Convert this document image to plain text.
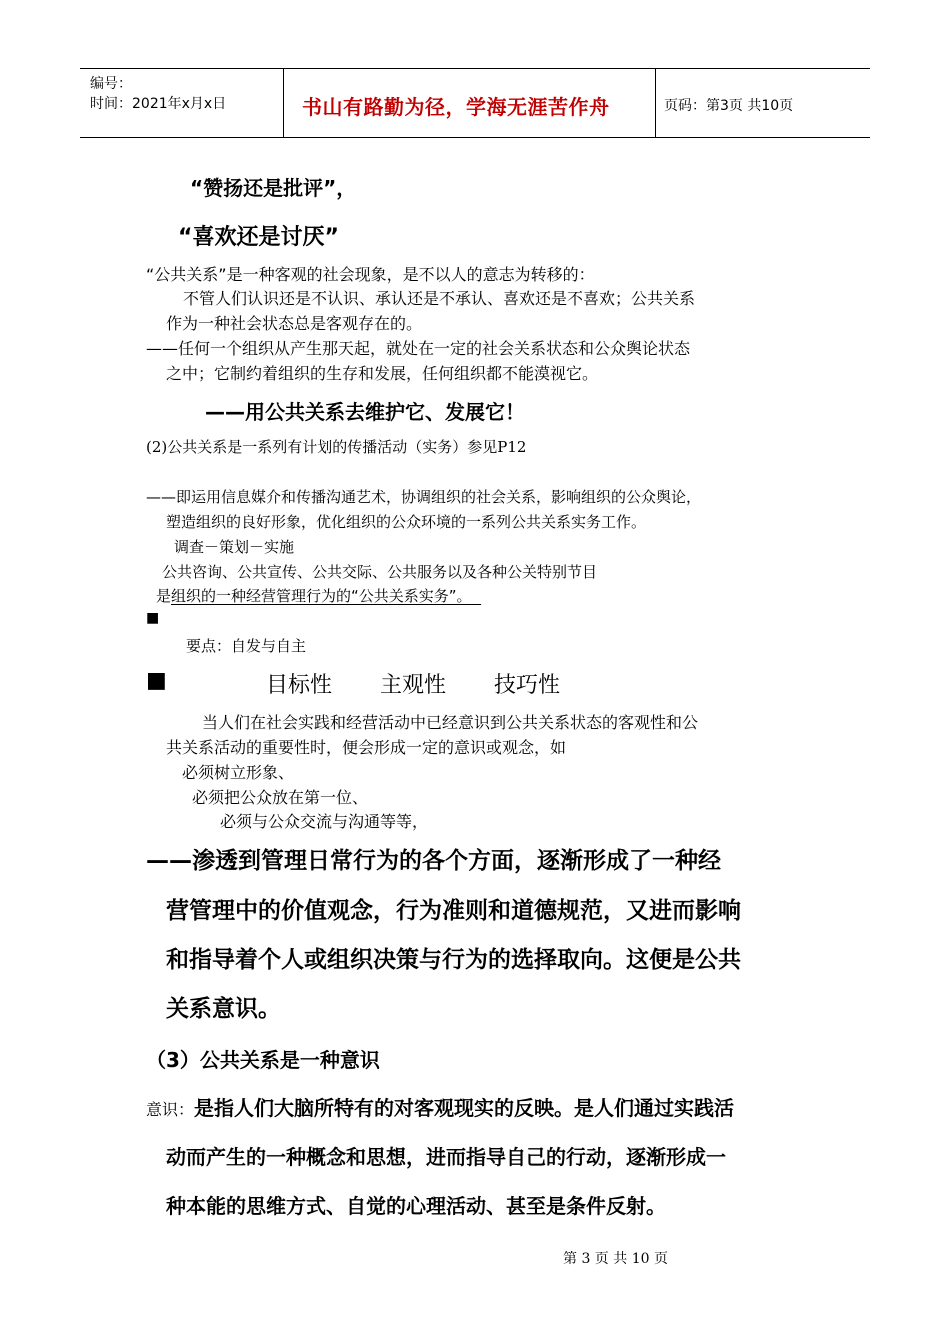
编号：
时间：2021年x月x日	书山有路勤为径，学海无涯苦作舟	页码：第3页 共10页
“赞扬还是批评”，
“喜欢还是讨厌”
“公共关系”是一种客观的社会现象，是不以人的意志为转移的：
不管人们认识还是不认识、承认还是不承认、喜欢还是不喜欢；公共关系
作为一种社会状态总是客观存在的。
——任何一个组织从产生那天起，就处在一定的社会关系状态和公众舆论状态
之中；它制约着组织的生存和发展，任何组织都不能漠视它。
——用公共关系去维护它、发展它！
(2)公共关系是一系列有计划的传播活动（实务）参见P12
——即运用信息媒介和传播沟通艺术，协调组织的社会关系，影响组织的公众舆论，
塑造组织的良好形象，优化组织的公众环境的一系列公共关系实务工作。
调查－策划－实施
公共咨询、公共宣传、公共交际、公共服务以及各种公关特别节目
是组织的一种经营管理行为的“公共关系实务”。
■
要点：自发与自主
■	目标性 主观性 技巧性
当人们在社会实践和经营活动中已经意识到公共关系状态的客观性和公
共关系活动的重要性时，便会形成一定的意识或观念，如
必须树立形象、
必须把公众放在第一位、
必须与公众交流与沟通等等，
——渗透到管理日常行为的各个方面，逐渐形成了一种经
营管理中的价值观念，行为准则和道德规范，又进而影响
和指导着个人或组织决策与行为的选择取向。这便是公共
关系意识。
（3）公共关系是一种意识
意识：是指人们大脑所特有的对客观现实的反映。是人们通过实践活
动而产生的一种概念和思想，进而指导自己的行动，逐渐形成一
种本能的思维方式、自觉的心理活动、甚至是条件反射。
第 3 页 共 10 页
